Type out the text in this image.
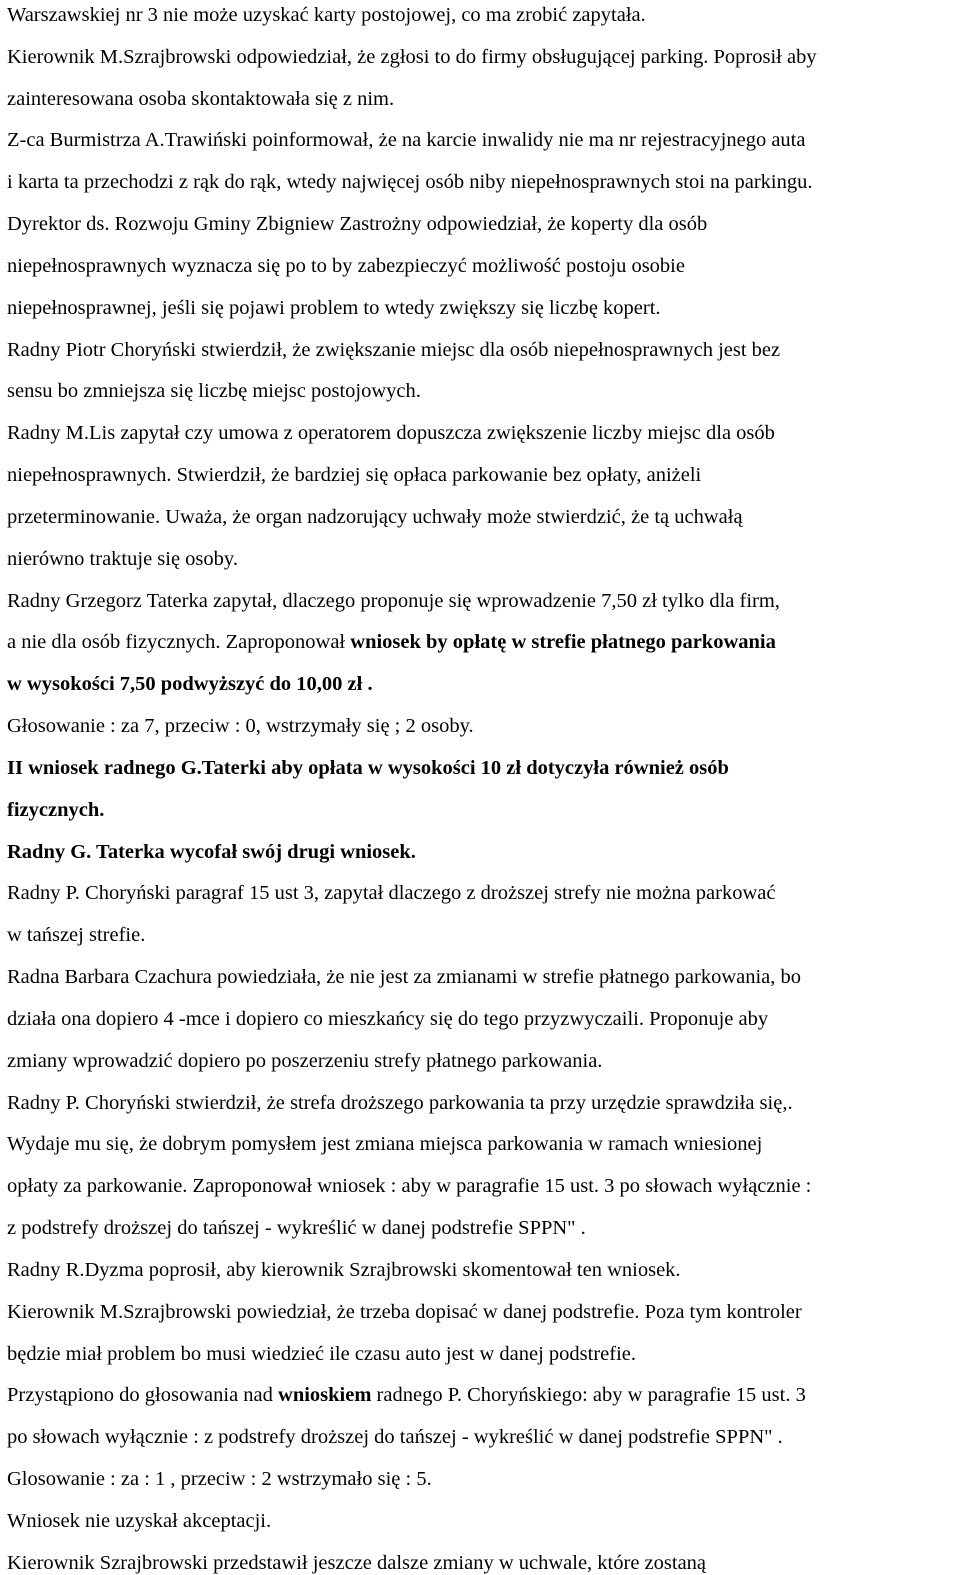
Warszawskiej nr 3 nie może uzyskać karty postojowej, co ma zrobić zapytała.
Kierownik M.Szrajbrowski odpowiedział, że zgłosi to do firmy obsługującej parking. Poprosił aby
zainteresowana osoba skontaktowała się z nim.
Z-ca Burmistrza A.Trawiński poinformował, że na karcie inwalidy nie ma nr rejestracyjnego auta
i karta ta przechodzi z rąk do rąk, wtedy najwięcej osób niby niepełnosprawnych stoi na parkingu.
Dyrektor ds. Rozwoju Gminy Zbigniew Zastrożny odpowiedział, że koperty dla osób
niepełnosprawnych wyznacza się po to by zabezpieczyć możliwość postoju osobie
niepełnosprawnej, jeśli się pojawi problem to wtedy zwiększy się liczbę kopert.
Radny Piotr Choryński stwierdził, że zwiększanie miejsc dla osób niepełnosprawnych jest bez
sensu bo zmniejsza się liczbę miejsc postojowych.
Radny M.Lis zapytał czy umowa z operatorem dopuszcza zwiększenie liczby miejsc dla osób
niepełnosprawnych. Stwierdził, że bardziej się opłaca parkowanie bez opłaty, aniżeli
przeterminowanie. Uważa, że organ nadzorujący uchwały może stwierdzić, że tą uchwałą
nierówno traktuje się osoby.
Radny Grzegorz Taterka zapytał, dlaczego proponuje się wprowadzenie 7,50 zł tylko dla firm,
a nie dla osób fizycznych. Zaproponował wniosek by opłatę w strefie płatnego parkowania
w wysokości 7,50 podwyższyć do 10,00 zł .
Głosowanie : za 7, przeciw : 0, wstrzymały się ; 2 osoby.
II wniosek radnego G.Taterki aby opłata w wysokości 10 zł dotyczyła również osób
fizycznych.
Radny G. Taterka wycofał swój drugi wniosek.
Radny P. Choryński paragraf 15 ust 3, zapytał dlaczego z droższej strefy nie można parkować
w tańszej strefie.
Radna Barbara Czachura powiedziała, że nie jest za zmianami w strefie płatnego parkowania, bo
działa ona dopiero 4 -mce i dopiero co mieszkańcy się do tego przyzwyczaili. Proponuje aby
zmiany wprowadzić dopiero po poszerzeniu strefy płatnego parkowania.
Radny P. Choryński stwierdził, że strefa droższego parkowania ta przy urzędzie sprawdziła się,.
Wydaje mu się, że dobrym pomysłem jest zmiana miejsca parkowania w ramach wniesionej
opłaty za parkowanie. Zaproponował wniosek : aby w paragrafie 15 ust. 3 po słowach wyłącznie :
z podstrefy droższej do tańszej - wykreślić w danej podstrefie SPPN" .
Radny R.Dyzma poprosił, aby kierownik Szrajbrowski skomentował ten wniosek.
Kierownik M.Szrajbrowski powiedział, że trzeba dopisać w danej podstrefie. Poza tym kontroler
będzie miał problem bo musi wiedzieć ile czasu auto jest w danej podstrefie.
Przystąpiono do głosowania nad wnioskiem radnego P. Choryńskiego: aby w paragrafie 15 ust. 3
po słowach wyłącznie : z podstrefy droższej do tańszej - wykreślić w danej podstrefie SPPN" .
Glosowanie : za : 1 , przeciw : 2 wstrzymało się : 5.
Wniosek nie uzyskał akceptacji.
Kierownik Szrajbrowski przedstawił jeszcze dalsze zmiany w uchwale, które zostaną
